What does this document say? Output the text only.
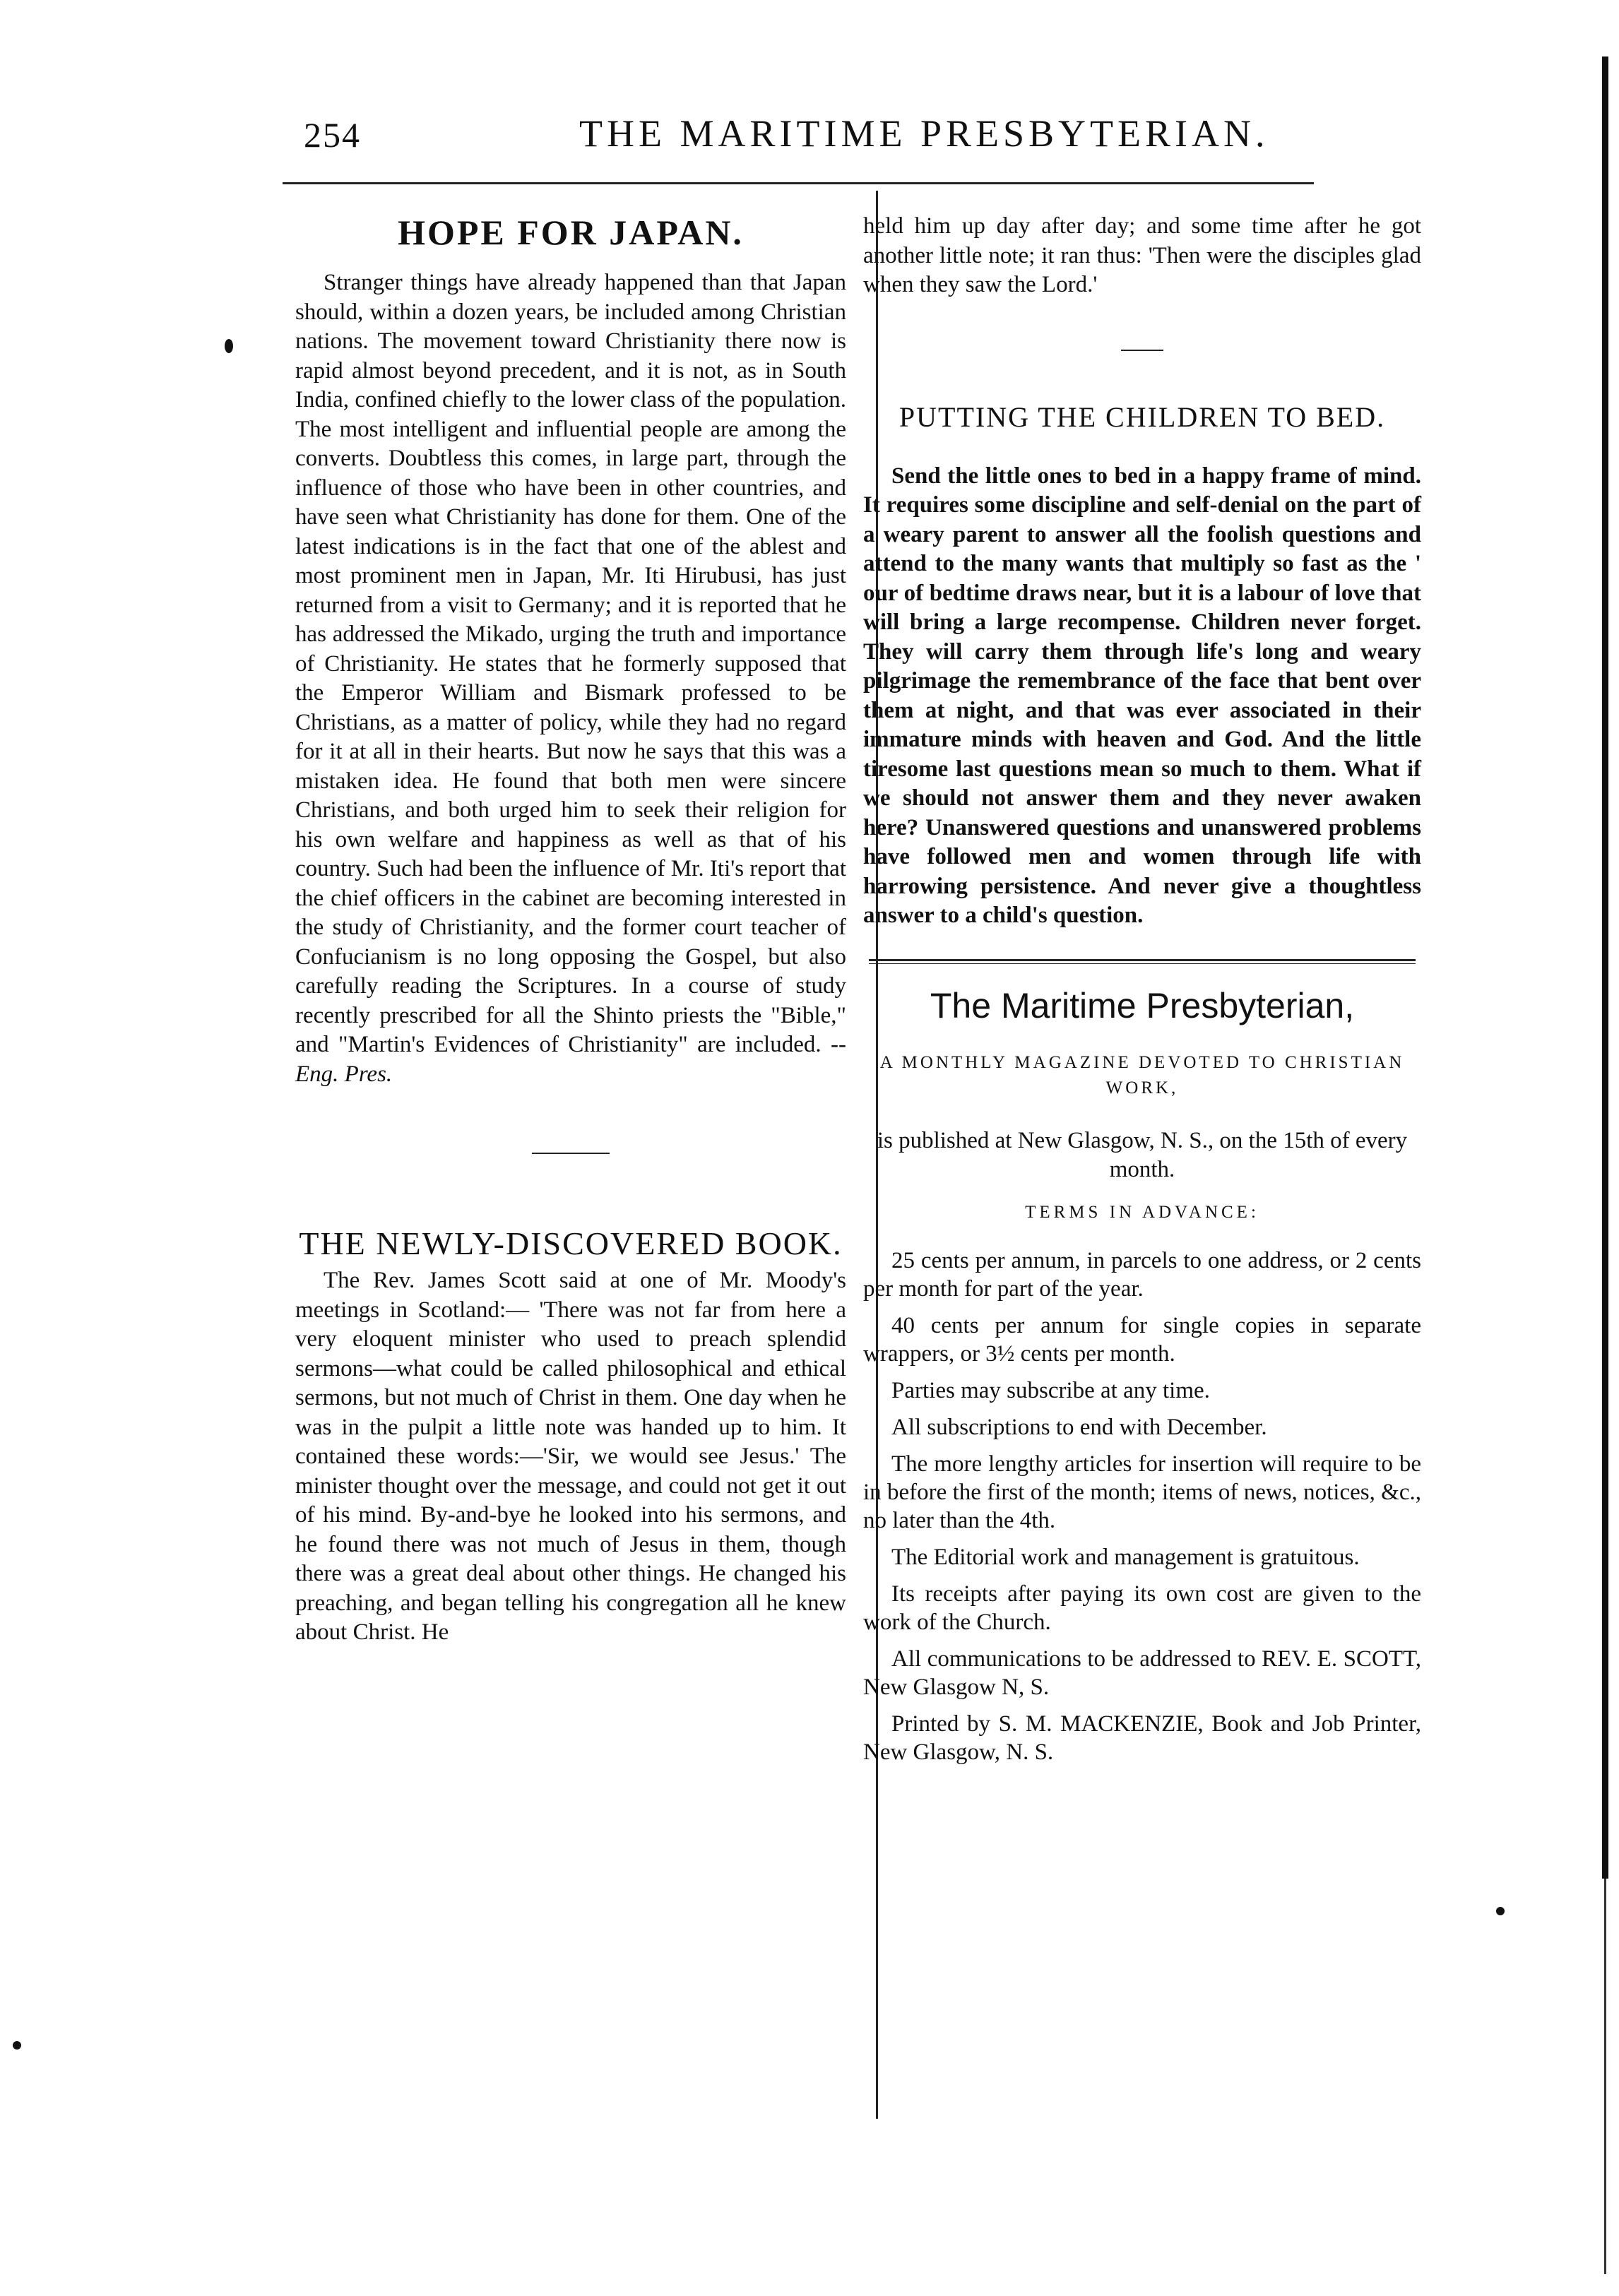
254	THE MARITIME PRESBYTERIAN.
HOPE FOR JAPAN.

Stranger things have already happened than that Japan should, within a dozen years, be included among Christian nations. The movement toward Christianity there now is rapid almost beyond precedent, and it is not, as in South India, confined chiefly to the lower class of the population. The most intelligent and influential people are among the converts. Doubtless this comes, in large part, through the influence of those who have been in other countries, and have seen what Christianity has done for them. One of the latest indications is in the fact that one of the ablest and most prominent men in Japan, Mr. Iti Hirubusi, has just returned from a visit to Germany; and it is reported that he has addressed the Mikado, urging the truth and importance of Christianity. He states that he formerly supposed that the Emperor William and Bismark professed to be Christians, as a matter of policy, while they had no regard for it at all in their hearts. But now he says that this was a mistaken idea. He found that both men were sincere Christians, and both urged him to seek their religion for his own welfare and happiness as well as that of his country. Such had been the influence of Mr. Iti's report that the chief officers in the cabinet are becoming interested in the study of Christianity, and the former court teacher of Confucianism is no long opposing the Gospel, but also carefully reading the Scriptures. In a course of study recently prescribed for all the Shinto priests the "Bible," and "Martin's Evidences of Christianity" are included. --Eng. Pres.

THE NEWLY-DISCOVERED BOOK.

The Rev. James Scott said at one of Mr. Moody's meetings in Scotland:— 'There was not far from here a very eloquent minister who used to preach splendid sermons—what could be called philosophical and ethical sermons, but not much of Christ in them. One day when he was in the pulpit a little note was handed up to him. It contained these words:—'Sir, we would see Jesus.' The minister thought over the message, and could not get it out of his mind. By-and-bye he looked into his sermons, and he found there was not much of Jesus in them, though there was a great deal about other things. He changed his preaching, and began telling his congregation all he knew about Christ. He

held him up day after day; and some time after he got another little note; it ran thus: 'Then were the disciples glad when they saw the Lord.'

PUTTING THE CHILDREN TO BED.

Send the little ones to bed in a happy frame of mind. It requires some discipline and self-denial on the part of a weary parent to answer all the foolish questions and attend to the many wants that multiply so fast as the ' our of bedtime draws near, but it is a labour of love that will bring a large recompense. Children never forget. They will carry them through life's long and weary pilgrimage the remembrance of the face that bent over them at night, and that was ever associated in their immature minds with heaven and God. And the little tiresome last questions mean so much to them. What if we should not answer them and they never awaken here? Unanswered questions and unanswered problems have followed men and women through life with harrowing persistence. And never give a thoughtless answer to a child's question.

The Maritime Presbyterian,

A MONTHLY MAGAZINE DEVOTED TO CHRISTIAN WORK,

is published at New Glasgow, N. S., on the 15th of every month.

TERMS IN ADVANCE:

25 cents per annum, in parcels to one address, or 2 cents per month for part of the year.

40 cents per annum for single copies in separate wrappers, or 3½ cents per month.

Parties may subscribe at any time.

All subscriptions to end with December.

The more lengthy articles for insertion will require to be in before the first of the month; items of news, notices, &c., no later than the 4th.

The Editorial work and management is gratuitous.

Its receipts after paying its own cost are given to the work of the Church.

All communications to be addressed to REV. E. SCOTT, New Glasgow N, S.

Printed by S. M. MACKENZIE, Book and Job Printer, New Glasgow, N. S.
